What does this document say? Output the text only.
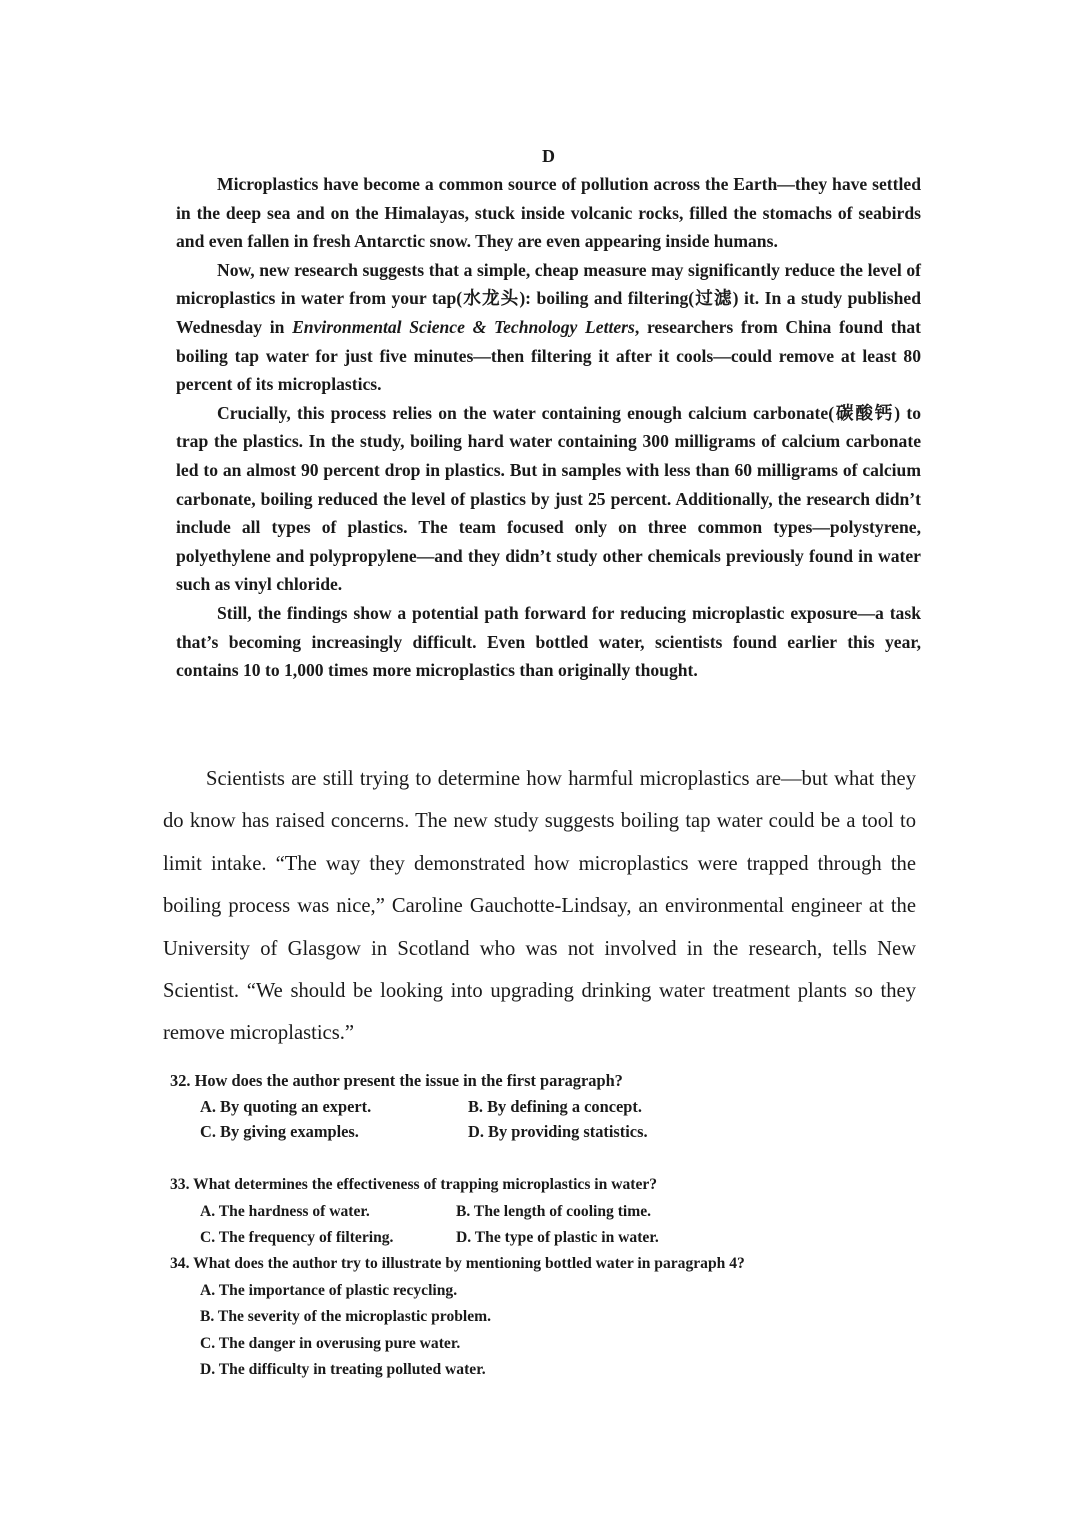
D

Microplastics have become a common source of pollution across the Earth—they have settled in the deep sea and on the Himalayas, stuck inside volcanic rocks, filled the stomachs of seabirds and even fallen in fresh Antarctic snow. They are even appearing inside humans.

Now, new research suggests that a simple, cheap measure may significantly reduce the level of microplastics in water from your tap(水龙头): boiling and filtering(过滤) it. In a study published Wednesday in Environmental Science & Technology Letters, researchers from China found that boiling tap water for just five minutes—then filtering it after it cools—could remove at least 80 percent of its microplastics.

Crucially, this process relies on the water containing enough calcium carbonate(碳酸钙) to trap the plastics. In the study, boiling hard water containing 300 milligrams of calcium carbonate led to an almost 90 percent drop in plastics. But in samples with less than 60 milligrams of calcium carbonate, boiling reduced the level of plastics by just 25 percent. Additionally, the research didn’t include all types of plastics. The team focused only on three common types—polystyrene, polyethylene and polypropylene—and they didn’t study other chemicals previously found in water such as vinyl chloride.

Still, the findings show a potential path forward for reducing microplastic exposure—a task that’s becoming increasingly difficult. Even bottled water, scientists found earlier this year, contains 10 to 1,000 times more microplastics than originally thought.

Scientists are still trying to determine how harmful microplastics are—but what they do know has raised concerns. The new study suggests boiling tap water could be a tool to limit intake. “The way they demonstrated how microplastics were trapped through the boiling process was nice,” Caroline Gauchotte-Lindsay, an environmental engineer at the University of Glasgow in Scotland who was not involved in the research, tells New Scientist. “We should be looking into upgrading drinking water treatment plants so they remove microplastics.”

32. How does the author present the issue in the first paragraph?
A. By quoting an expert.	B. By defining a concept.
C. By giving examples.	D. By providing statistics.
33. What determines the effectiveness of trapping microplastics in water?
A. The hardness of water.	B. The length of cooling time.
C. The frequency of filtering.	D. The type of plastic in water.
34. What does the author try to illustrate by mentioning bottled water in paragraph 4?
A. The importance of plastic recycling.
B. The severity of the microplastic problem.
C. The danger in overusing pure water.
D. The difficulty in treating polluted water.
